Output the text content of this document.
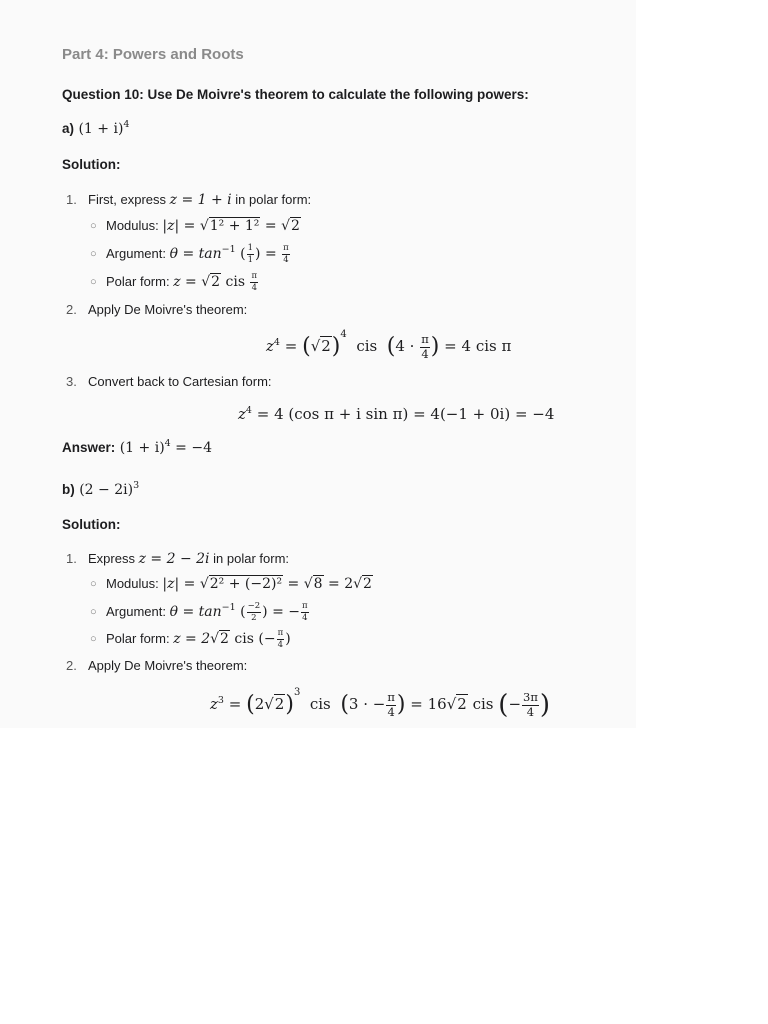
Part 4: Powers and Roots
Question 10: Use De Moivre's theorem to calculate the following powers:
a) $(1 + i)^4$
Solution:
1. First, express z = 1 + i in polar form:
○ Modulus: |z| = √1² + 1² = √2
○ Argument: $\theta = \tan^{-1}$ ( $\frac{1}{1}$ ) = $\frac{\pi}{4}$
○ Polar form: z = √2 cis $\frac{\pi}{4}$
2. Apply De Moivre's theorem:
$z^4 = (√2)^4$  cis ($4 \cdot \frac{\pi}{4}$ ) = 4 cis π
3. Convert back to Cartesian form:
$z^4 = 4$ (cos π + i sin π) = 4(−1 + 0i) = −4
Answer: $(1 + i)^4 = -4$
b) $(2 - 2i)^3$
Solution:
1. Express z = 2 − 2i in polar form:
○ Modulus: |z| = √2² + (−2)² = √8 = 2√2
○ Argument: $\theta = \tan^{-1}$ ( $\frac{-2}{2}$ ) = − $\frac{\pi}{4}$
○ Polar form: z = 2√2 cis (− $\frac{\pi}{4}$ )
2. Apply De Moivre's theorem:
$z^3 = (2√2)^3$  cis (3 · − $\frac{\pi}{4}$ ) = 16√2 cis (− $\frac{3\pi}{4}$ )
